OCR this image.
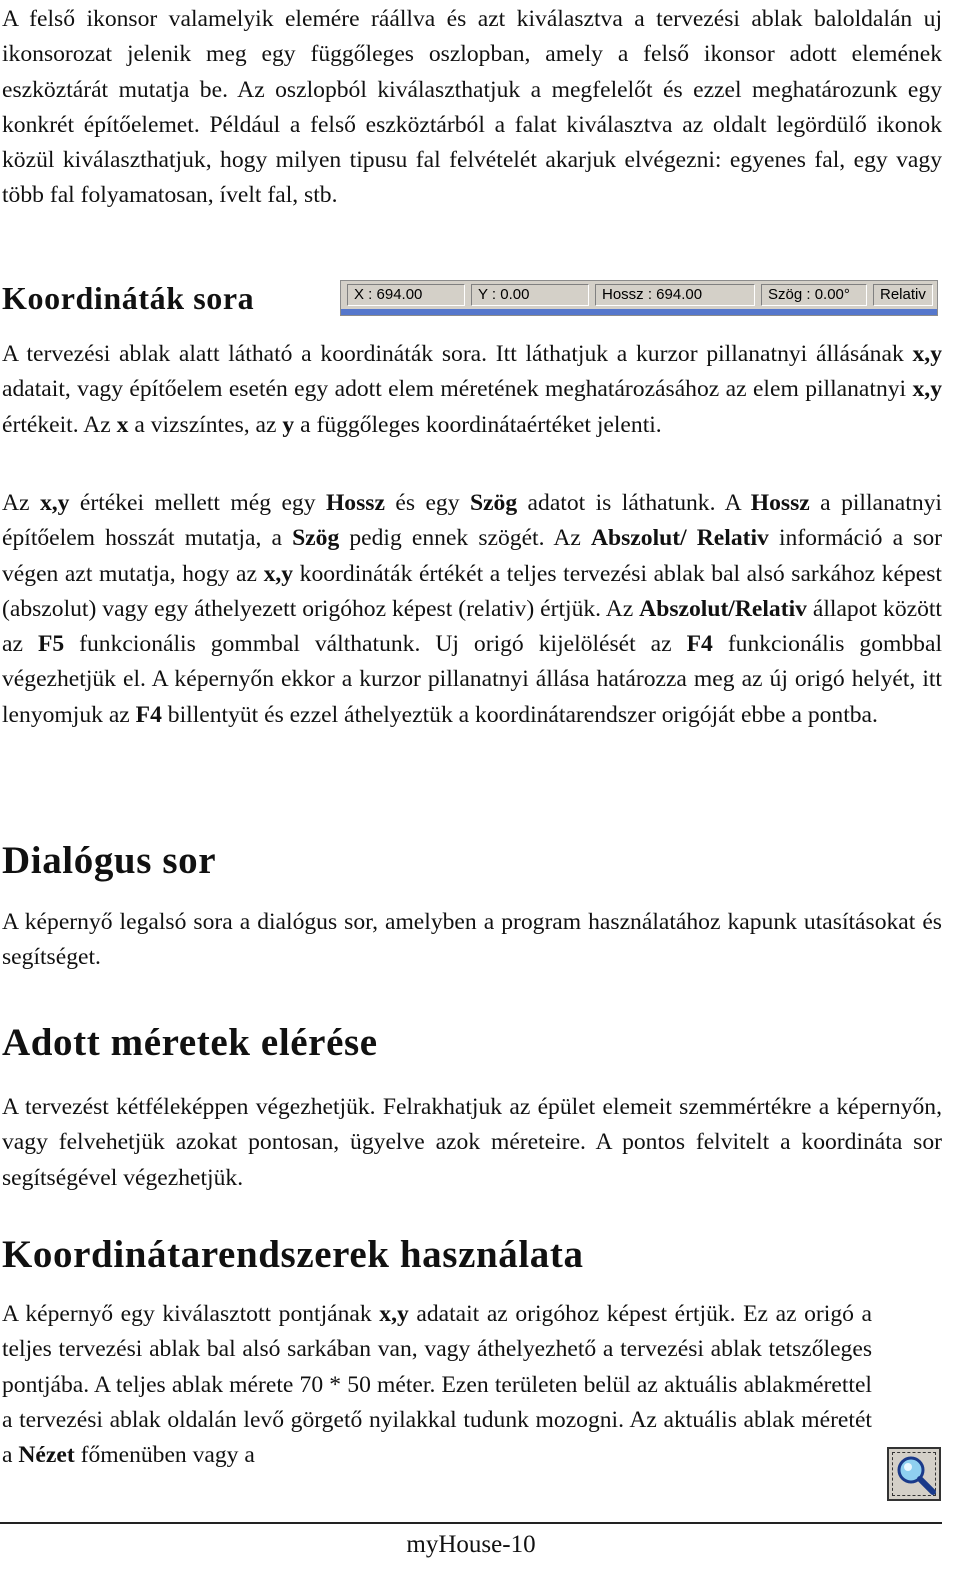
A felső ikonsor valamelyik elemére ráállva és azt kiválasztva a tervezési ablak baloldalán uj ikonsorozat jelenik meg egy függőleges oszlopban, amely a felső ikonsor adott elemének eszköztárát mutatja be. Az oszlopból kiválaszthatjuk a megfelelőt és ezzel meghatározunk egy konkrét építőelemet. Például a felső eszköztárból a falat kiválasztva az oldalt legördülő ikonok közül kiválaszthatjuk, hogy milyen tipusu fal felvételét akarjuk elvégezni: egyenes fal, egy vagy több fal folyamatosan, ívelt fal, stb.

Koordináták sora	X : 694.00	Y : 0.00	Hossz : 694.00	Szög : 0.00°	Relativ

A tervezési ablak alatt látható a koordináták sora. Itt láthatjuk a kurzor pillanatnyi állásának x,y adatait, vagy építőelem esetén egy adott elem méretének meghatározásához az elem pillanatnyi x,y értékeit. Az x a vizszíntes, az y a függőleges koordinátaértéket jelenti.

Az x,y értékei mellett még egy Hossz és egy Szög adatot is láthatunk. A Hossz a pillanatnyi építőelem hosszát mutatja, a Szög pedig ennek szögét. Az Abszolut/ Relativ információ a sor végen azt mutatja, hogy az x,y koordináták értékét a teljes tervezési ablak bal alsó sarkához képest (abszolut) vagy egy áthelyezett origóhoz képest (relativ) értjük. Az Abszolut/Relativ állapot között az F5 funkcionális gommbal válthatunk. Uj origó kijelölését az F4 funkcionális gombbal végezhetjük el. A képernyőn ekkor a kurzor pillanatnyi állása határozza meg az új origó helyét, itt lenyomjuk az F4 billentyüt és ezzel áthelyeztük a koordinátarendszer origóját ebbe a pontba.

Dialógus sor

A képernyő legalsó sora a dialógus sor, amelyben a program használatához kapunk utasításokat és segítséget.

Adott méretek elérése

A tervezést kétféleképpen végezhetjük. Felrakhatjuk az épület elemeit szemmértékre a képernyőn, vagy felvehetjük azokat pontosan, ügyelve azok méreteire. A pontos felvitelt a koordináta sor segítségével végezhetjük.

Koordinátarendszerek használata

A képernyő egy kiválasztott pontjának x,y adatait az origóhoz képest értjük. Ez az origó a teljes tervezési ablak bal alsó sarkában van, vagy áthelyezhető a tervezési ablak tetszőleges pontjába. A teljes ablak mérete 70 * 50 méter. Ezen területen belül az aktuális ablakmérettel a tervezési ablak oldalán levő görgető nyilakkal tudunk mozogni. Az aktuális ablak méretét a Nézet főmenüben vagy a

myHouse-10
